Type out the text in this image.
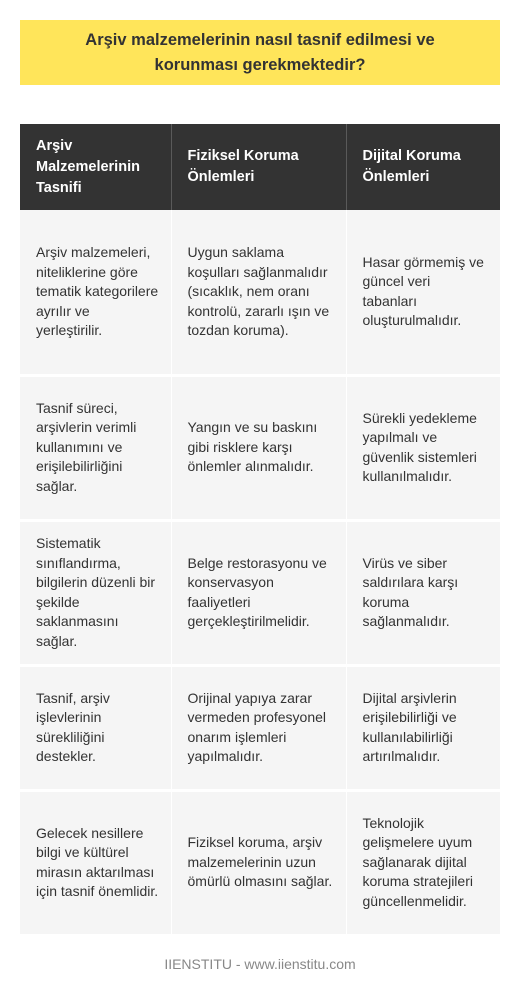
Arşiv malzemelerinin nasıl tasnif edilmesi ve korunması gerekmektedir?
Arşiv Malzemelerinin Tasnifi	Fiziksel Koruma Önlemleri	Dijital Koruma Önlemleri
Arşiv malzemeleri, niteliklerine göre tematik kategorilere ayrılır ve yerleştirilir.	Uygun saklama koşulları sağlanmalıdır (sıcaklık, nem oranı kontrolü, zararlı ışın ve tozdan koruma).	Hasar görmemiş ve güncel veri tabanları oluşturulmalıdır.
Tasnif süreci, arşivlerin verimli kullanımını ve erişilebilirliğini sağlar.	Yangın ve su baskını gibi risklere karşı önlemler alınmalıdır.	Sürekli yedekleme yapılmalı ve güvenlik sistemleri kullanılmalıdır.
Sistematik sınıflandırma, bilgilerin düzenli bir şekilde saklanmasını sağlar.	Belge restorasyonu ve konservasyon faaliyetleri gerçekleştirilmelidir.	Virüs ve siber saldırılara karşı koruma sağlanmalıdır.
Tasnif, arşiv işlevlerinin sürekliliğini destekler.	Orijinal yapıya zarar vermeden profesyonel onarım işlemleri yapılmalıdır.	Dijital arşivlerin erişilebilirliği ve kullanılabilirliği artırılmalıdır.
Gelecek nesillere bilgi ve kültürel mirasın aktarılması için tasnif önemlidir.	Fiziksel koruma, arşiv malzemelerinin uzun ömürlü olmasını sağlar.	Teknolojik gelişmelere uyum sağlanarak dijital koruma stratejileri güncellenmelidir.
IIENSTITU - www.iienstitu.com
